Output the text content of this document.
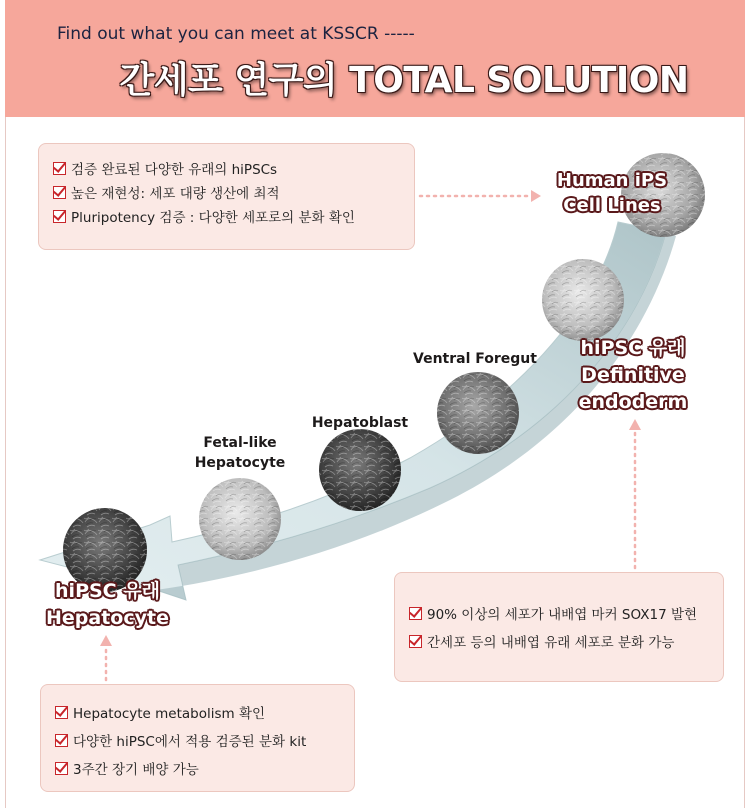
Find out what you can meet at KSSCR -----
간세포 연구의 TOTAL SOLUTION
검증 완료된 다양한 유래의 hiPSCs
높은 재현성: 세포 대량 생산에 최적
Pluripotency 검증 : 다양한 세포로의 분화 확인
90% 이상의 세포가 내배엽 마커 SOX17 발현
간세포 등의 내배엽 유래 세포로 분화 가능
Hepatocyte metabolism 확인
다양한 hiPSC에서 적용 검증된 분화 kit
3주간 장기 배양 가능
Human iPS
Cell Lines
hiPSC 유래
Definitive
endoderm
Ventral Foregut
Hepatoblast
Fetal-like
Hepatocyte
hiPSC 유래
Hepatocyte
